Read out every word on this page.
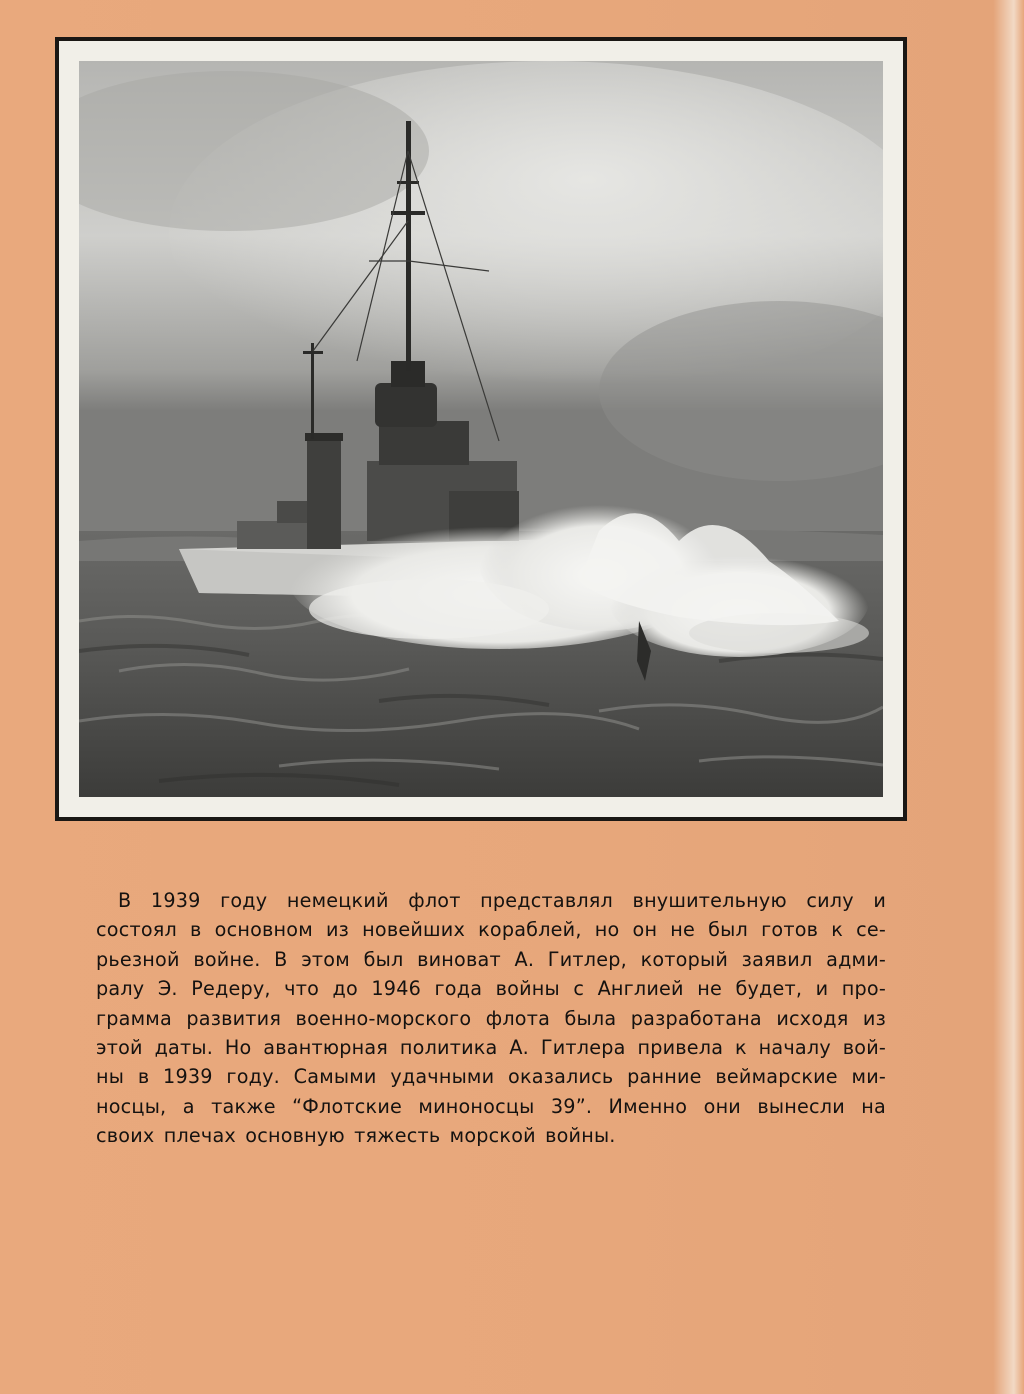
В 1939 году немецкий флот представлял внушительную силу и
состоял в основном из новейших кораблей, но он не был готов к се-
рьезной войне. В этом был виноват А. Гитлер, который заявил адми-
ралу Э. Редеру, что до 1946 года войны с Англией не будет, и про-
грамма развития военно-морского флота была разработана исходя из
этой даты. Но авантюрная политика А. Гитлера привела к началу вой-
ны в 1939 году. Самыми удачными оказались ранние веймарские ми-
носцы, а также “Флотские миноносцы 39”. Именно они вынесли на
своих плечах основную тяжесть морской войны.
